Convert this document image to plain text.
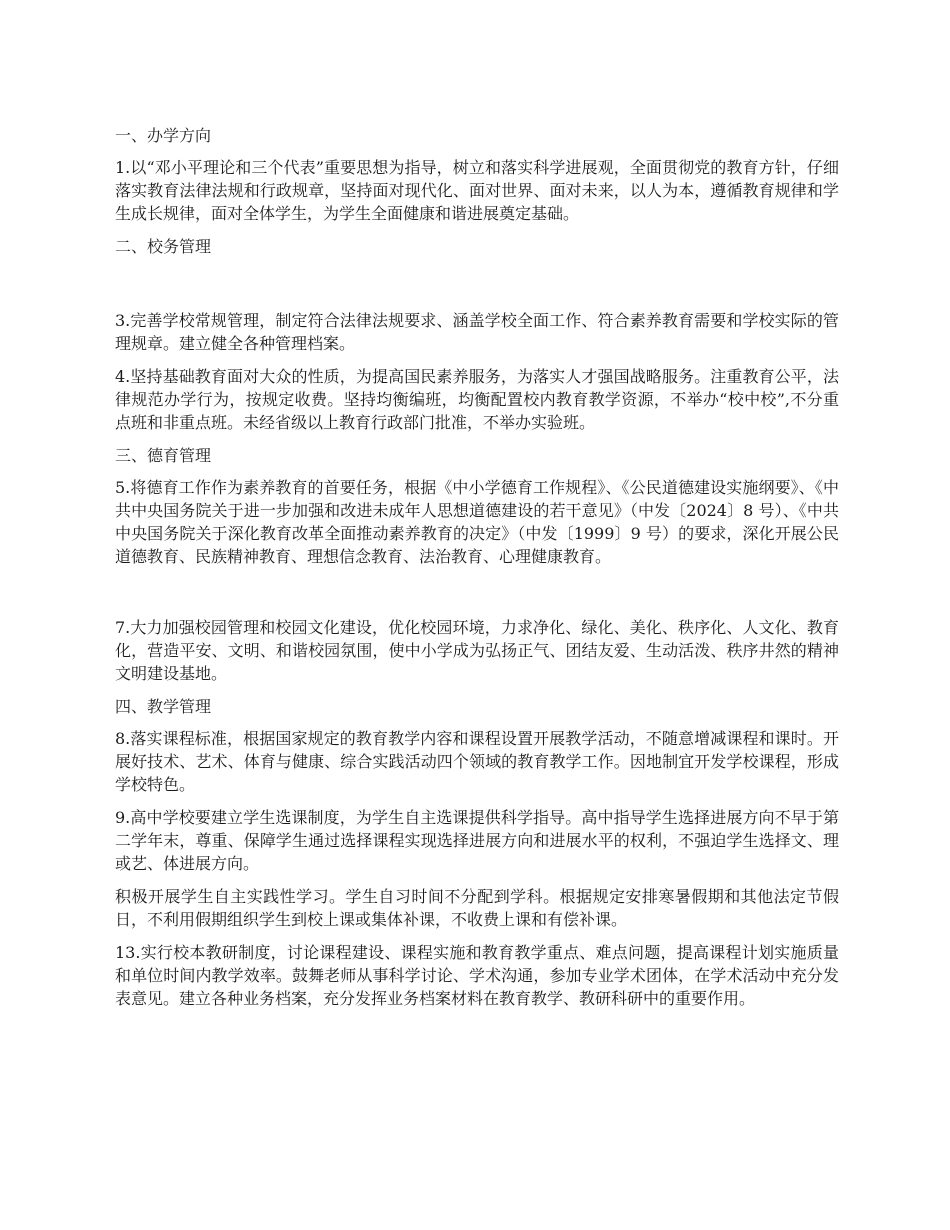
一、办学方向

1.以“邓小平理论和三个代表”重要思想为指导，树立和落实科学进展观，全面贯彻党的教育方针，仔细落实教育法律法规和行政规章，坚持面对现代化、面对世界、面对未来，以人为本，遵循教育规律和学生成长规律，面对全体学生，为学生全面健康和谐进展奠定基础。

二、校务管理

3.完善学校常规管理，制定符合法律法规要求、涵盖学校全面工作、符合素养教育需要和学校实际的管理规章。建立健全各种管理档案。

4.坚持基础教育面对大众的性质，为提高国民素养服务，为落实人才强国战略服务。注重教育公平，法律规范办学行为，按规定收费。坚持均衡编班，均衡配置校内教育教学资源，不举办“校中校”,不分重点班和非重点班。未经省级以上教育行政部门批准，不举办实验班。

三、德育管理

5.将德育工作作为素养教育的首要任务，根据《中小学德育工作规程》、《公民道德建设实施纲要》、《中共中央国务院关于进一步加强和改进未成年人思想道德建设的若干意见》（中发〔2024〕8 号）、《中共中央国务院关于深化教育改革全面推动素养教育的决定》（中发〔1999〕9 号）的要求，深化开展公民道德教育、民族精神教育、理想信念教育、法治教育、心理健康教育。

7.大力加强校园管理和校园文化建设，优化校园环境，力求净化、绿化、美化、秩序化、人文化、教育化，营造平安、文明、和谐校园氛围，使中小学成为弘扬正气、团结友爱、生动活泼、秩序井然的精神文明建设基地。

四、教学管理

8.落实课程标准，根据国家规定的教育教学内容和课程设置开展教学活动，不随意增减课程和课时。开展好技术、艺术、体育与健康、综合实践活动四个领域的教育教学工作。因地制宜开发学校课程，形成学校特色。

9.高中学校要建立学生选课制度，为学生自主选课提供科学指导。高中指导学生选择进展方向不早于第二学年末，尊重、保障学生通过选择课程实现选择进展方向和进展水平的权利，不强迫学生选择文、理或艺、体进展方向。

积极开展学生自主实践性学习。学生自习时间不分配到学科。根据规定安排寒暑假期和其他法定节假日，不利用假期组织学生到校上课或集体补课，不收费上课和有偿补课。

13.实行校本教研制度，讨论课程建设、课程实施和教育教学重点、难点问题，提高课程计划实施质量和单位时间内教学效率。鼓舞老师从事科学讨论、学术沟通，参加专业学术团体，在学术活动中充分发表意见。建立各种业务档案，充分发挥业务档案材料在教育教学、教研科研中的重要作用。
